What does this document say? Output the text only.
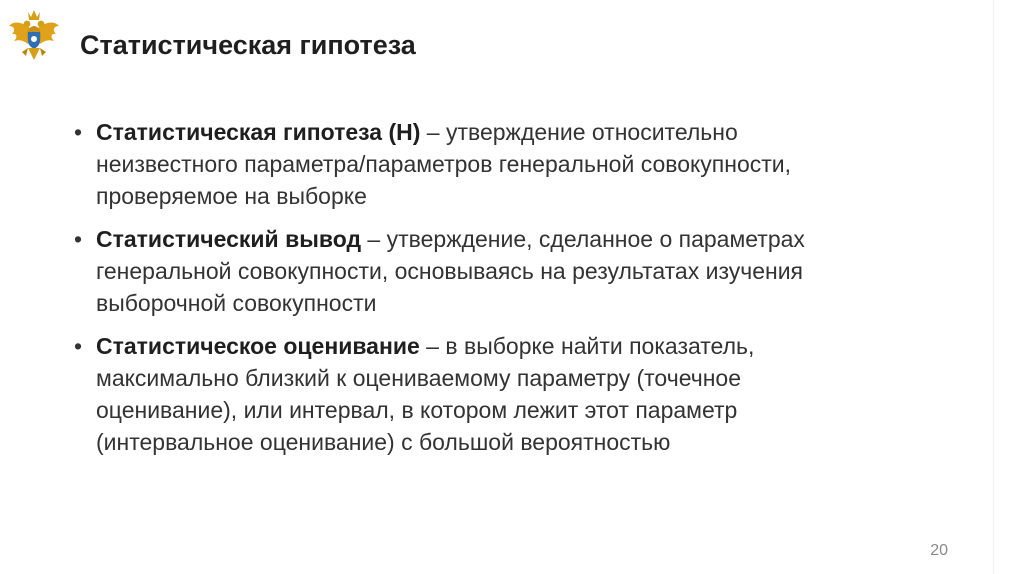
Статистическая гипотеза
• Статистическая гипотеза (H) – утверждение относительно
неизвестного параметра/параметров генеральной совокупности,
проверяемое на выборке
• Статистический вывод – утверждение, сделанное о параметрах
генеральной совокупности, основываясь на результатах изучения
выборочной совокупности
• Статистическое оценивание – в выборке найти показатель,
максимально близкий к оцениваемому параметру (точечное
оценивание), или интервал, в котором лежит этот параметр
(интервальное оценивание) с большой вероятностью
20
